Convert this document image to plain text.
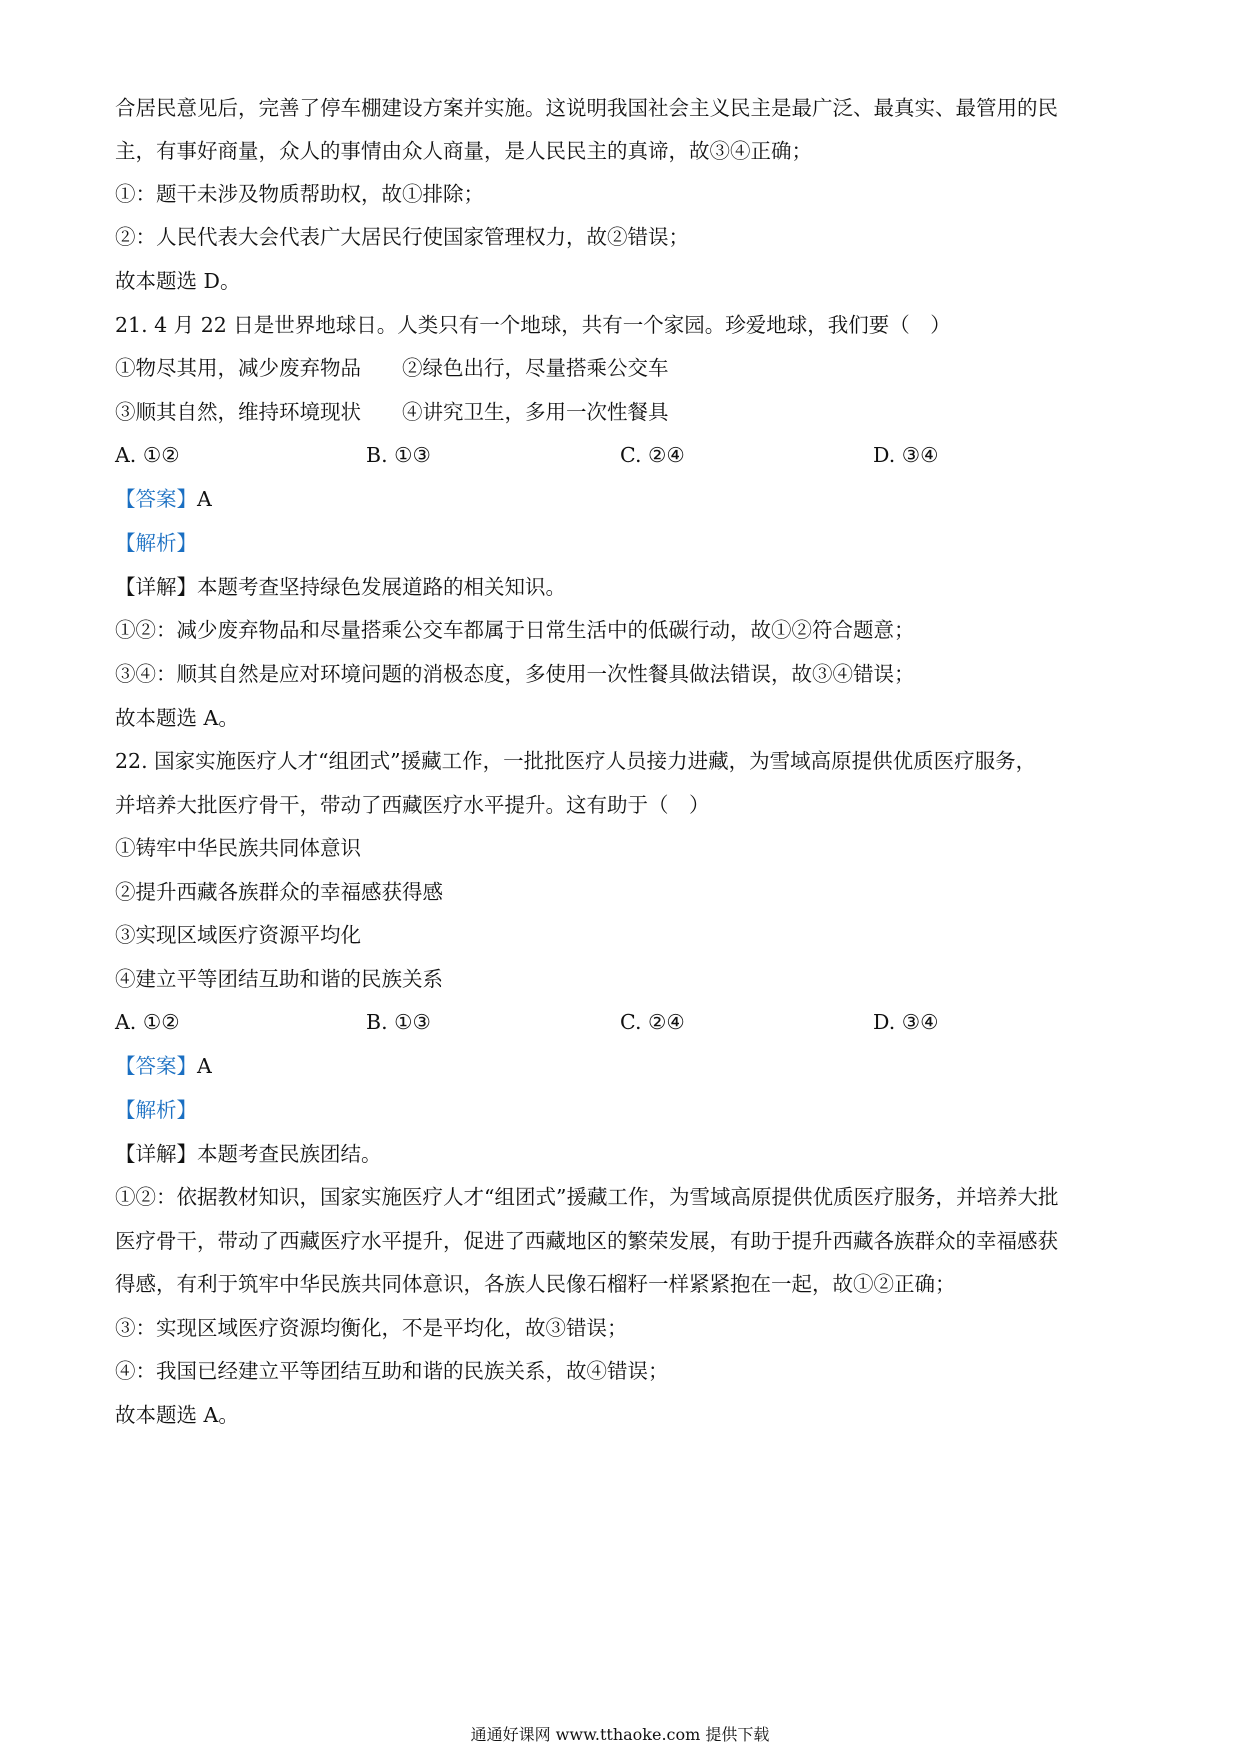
合居民意见后，完善了停车棚建设方案并实施。这说明我国社会主义民主是最广泛、最真实、最管用的民
主，有事好商量，众人的事情由众人商量，是人民民主的真谛，故③④正确；
①：题干未涉及物质帮助权，故①排除；
②：人民代表大会代表广大居民行使国家管理权力，故②错误；
故本题选 D。
21. 4 月 22 日是世界地球日。人类只有一个地球，共有一个家园。珍爱地球，我们要（　）
①物尽其用，减少废弃物品　　②绿色出行，尽量搭乘公交车
③顺其自然，维持环境现状　　④讲究卫生，多用一次性餐具
A. ①②	B. ①③	C. ②④	D. ③④
【答案】A
【解析】
【详解】本题考查坚持绿色发展道路的相关知识。
①②：减少废弃物品和尽量搭乘公交车都属于日常生活中的低碳行动，故①②符合题意；
③④：顺其自然是应对环境问题的消极态度，多使用一次性餐具做法错误，故③④错误；
故本题选 A。
22. 国家实施医疗人才“组团式”援藏工作，一批批医疗人员接力进藏，为雪域高原提供优质医疗服务，
并培养大批医疗骨干，带动了西藏医疗水平提升。这有助于（　）
①铸牢中华民族共同体意识
②提升西藏各族群众的幸福感获得感
③实现区域医疗资源平均化
④建立平等团结互助和谐的民族关系
A. ①②	B. ①③	C. ②④	D. ③④
【答案】A
【解析】
【详解】本题考查民族团结。
①②：依据教材知识，国家实施医疗人才“组团式”援藏工作，为雪域高原提供优质医疗服务，并培养大批
医疗骨干，带动了西藏医疗水平提升，促进了西藏地区的繁荣发展，有助于提升西藏各族群众的幸福感获
得感，有利于筑牢中华民族共同体意识，各族人民像石榴籽一样紧紧抱在一起，故①②正确；
③：实现区域医疗资源均衡化，不是平均化，故③错误；
④：我国已经建立平等团结互助和谐的民族关系，故④错误；
故本题选 A。
通通好课网 www.tthaoke.com 提供下载
